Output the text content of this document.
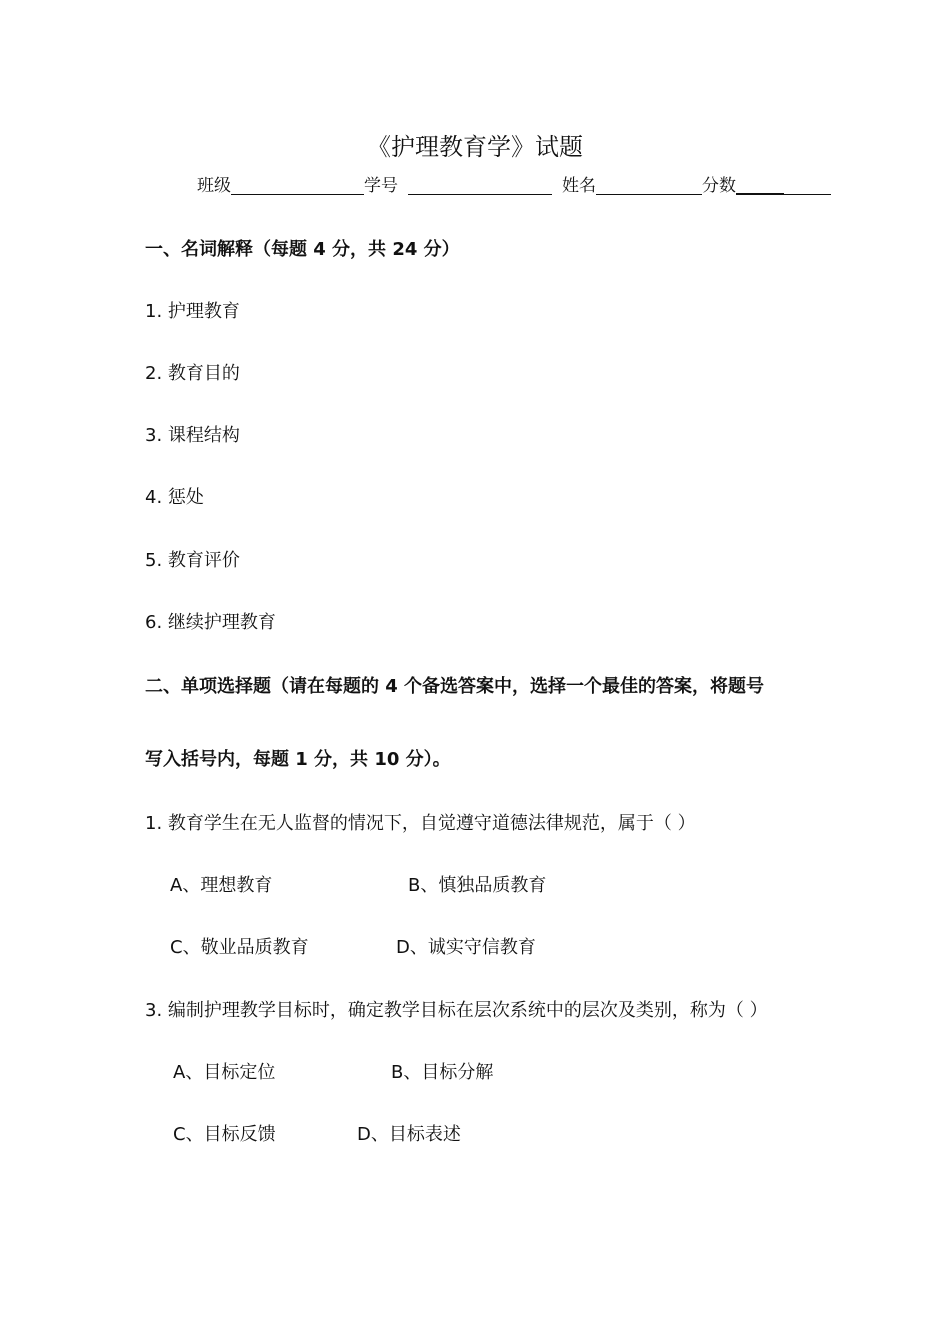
《护理教育学》试题
班级	学号	姓名	分数
一、名词解释（每题 4 分，共 24 分）
1. 护理教育
2. 教育目的
3. 课程结构
4. 惩处
5. 教育评价
6. 继续护理教育
二、单项选择题（请在每题的 4 个备选答案中，选择一个最佳的答案，将题号
写入括号内，每题 1 分，共 10 分）。
1. 教育学生在无人监督的情况下，自觉遵守道德法律规范，属于（ ）
A、理想教育	B、慎独品质教育
C、敬业品质教育	D、诚实守信教育
3. 编制护理教学目标时，确定教学目标在层次系统中的层次及类别，称为（ ）
A、目标定位	B、目标分解
C、目标反馈	D、目标表述
